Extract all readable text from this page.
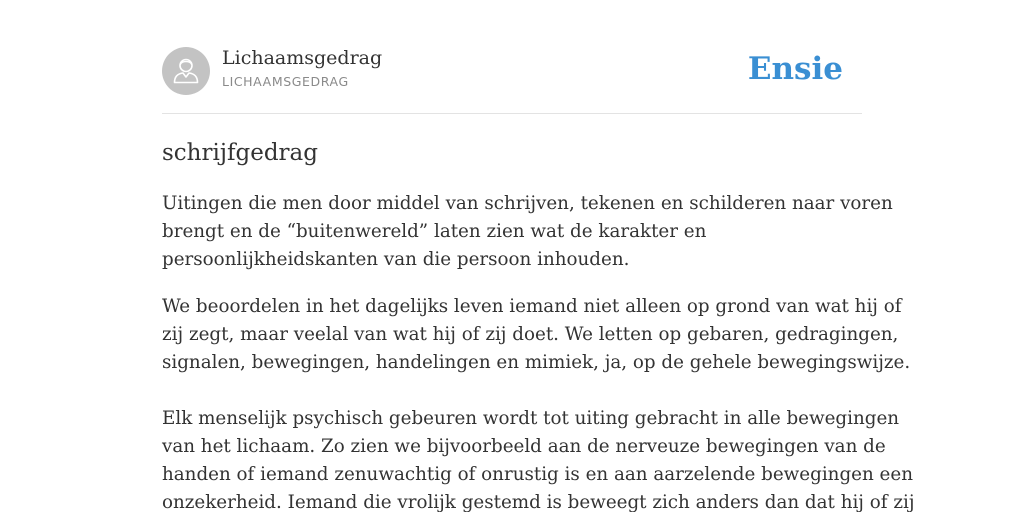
Lichaamsgedrag
LICHAAMSGEDRAG	Ensie
schrijfgedrag

Uitingen die men door middel van schrijven, tekenen en schilderen naar voren
brengt en de “buitenwereld” laten zien wat de karakter en
persoonlijkheidskanten van die persoon inhouden.

We beoordelen in het dagelijks leven iemand niet alleen op grond van wat hij of
zij zegt, maar veelal van wat hij of zij doet. We letten op gebaren, gedragingen,
signalen, bewegingen, handelingen en mimiek, ja, op de gehele bewegingswijze.

Elk menselijk psychisch gebeuren wordt tot uiting gebracht in alle bewegingen
van het lichaam. Zo zien we bijvoorbeeld aan de nerveuze bewegingen van de
handen of iemand zenuwachtig of onrustig is en aan aarzelende bewegingen een
onzekerheid. Iemand die vrolijk gestemd is beweegt zich anders dan dat hij of zij
